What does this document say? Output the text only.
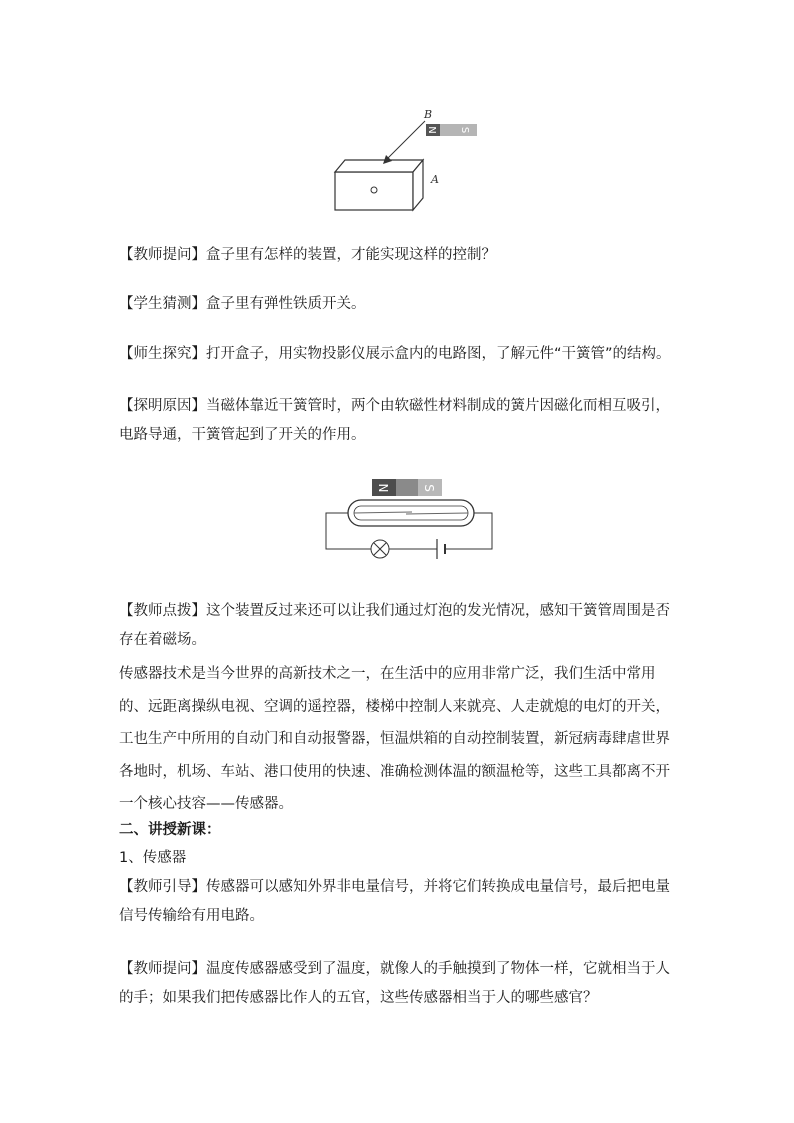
N S
B
A

【教师提问】盒子里有怎样的装置，才能实现这样的控制？

【学生猜测】盒子里有弹性铁质开关。

【师生探究】打开盒子，用实物投影仪展示盒内的电路图，了解元件“干簧管”的结构。

【探明原因】当磁体靠近干簧管时，两个由软磁性材料制成的簧片因磁化而相互吸引，电路导通，干簧管起到了开关的作用。

N	S

【教师点拨】这个装置反过来还可以让我们通过灯泡的发光情况，感知干簧管周围是否存在着磁场。

传感器技术是当今世界的高新技术之一，在生活中的应用非常广泛，我们生活中常用的、远距离操纵电视、空调的遥控器，楼梯中控制人来就亮、人走就熄的电灯的开关，工也生产中所用的自动门和自动报警器，恒温烘箱的自动控制装置，新冠病毒肆虐世界各地时，机场、车站、港口使用的快速、准确检测体温的额温枪等，这些工具都离不开一个核心技容——传感器。

二、讲授新课：

1、传感器

【教师引导】传感器可以感知外界非电量信号，并将它们转换成电量信号，最后把电量信号传输给有用电路。

【教师提问】温度传感器感受到了温度，就像人的手触摸到了物体一样，它就相当于人的手；如果我们把传感器比作人的五官，这些传感器相当于人的哪些感官？
